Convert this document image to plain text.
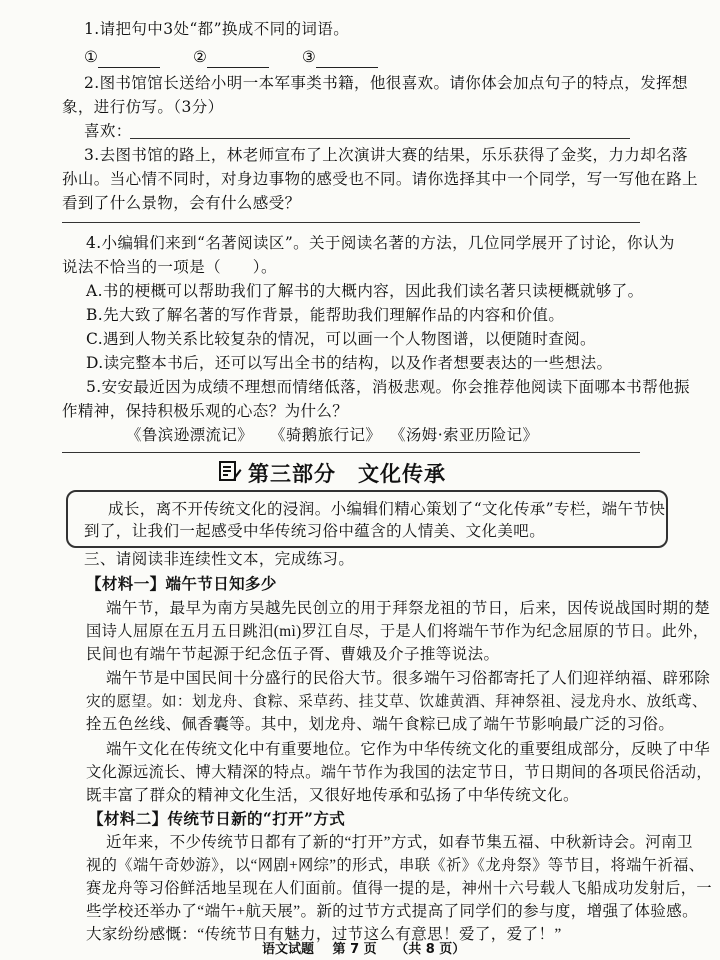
1.请把句中3处“都”换成不同的词语。
①	②	③
2.图书馆馆长送给小明一本军事类书籍，他很喜欢。请你体会加点句子的特点，发挥想
象，进行仿写。（3分）
喜欢：
3.去图书馆的路上，林老师宣布了上次演讲大赛的结果，乐乐获得了金奖，力力却名落
孙山。当心情不同时，对身边事物的感受也不同。请你选择其中一个同学，写一写他在路上
看到了什么景物，会有什么感受？
4.小编辑们来到“名著阅读区”。关于阅读名著的方法，几位同学展开了讨论，你认为
说法不恰当的一项是（　　）。
A.书的梗概可以帮助我们了解书的大概内容，因此我们读名著只读梗概就够了。
B.先大致了解名著的写作背景，能帮助我们理解作品的内容和价值。
C.遇到人物关系比较复杂的情况，可以画一个人物图谱，以便随时查阅。
D.读完整本书后，还可以写出全书的结构，以及作者想要表达的一些想法。
5.安安最近因为成绩不理想而情绪低落，消极悲观。你会推荐他阅读下面哪本书帮他振
作精神，保持积极乐观的心态？为什么？
《鲁滨逊漂流记》 《骑鹅旅行记》 《汤姆·索亚历险记》
第三部分　文化传承
成长，离不开传统文化的浸润。小编辑们精心策划了“文化传承”专栏，端午节快
到了，让我们一起感受中华传统习俗中蕴含的人情美、文化美吧。
三、请阅读非连续性文本，完成练习。
【材料一】端午节日知多少
端午节，最早为南方吴越先民创立的用于拜祭龙祖的节日，后来，因传说战国时期的楚
国诗人屈原在五月五日跳汨(mì)罗江自尽，于是人们将端午节作为纪念屈原的节日。此外，
民间也有端午节起源于纪念伍子胥、曹娥及介子推等说法。
端午节是中国民间十分盛行的民俗大节。很多端午习俗都寄托了人们迎祥纳福、辟邪除
灾的愿望。如：划龙舟、食粽、采草药、挂艾草、饮雄黄酒、拜神祭祖、浸龙舟水、放纸鸢、
拴五色丝线、佩香囊等。其中，划龙舟、端午食粽已成了端午节影响最广泛的习俗。
端午文化在传统文化中有重要地位。它作为中华传统文化的重要组成部分，反映了中华
文化源远流长、博大精深的特点。端午节作为我国的法定节日，节日期间的各项民俗活动，
既丰富了群众的精神文化生活，又很好地传承和弘扬了中华传统文化。
【材料二】传统节日新的“打开”方式
近年来，不少传统节日都有了新的“打开”方式，如春节集五福、中秋新诗会。河南卫
视的《端午奇妙游》，以“网剧+网综”的形式，串联《祈》《龙舟祭》等节目，将端午祈福、
赛龙舟等习俗鲜活地呈现在人们面前。值得一提的是，神州十六号载人飞船成功发射后，一
些学校还举办了“端午+航天展”。新的过节方式提高了同学们的参与度，增强了体验感。
大家纷纷感慨：“传统节日有魅力，过节这么有意思！爱了，爱了！”
语文试题 第 7 页 （共 8 页）
